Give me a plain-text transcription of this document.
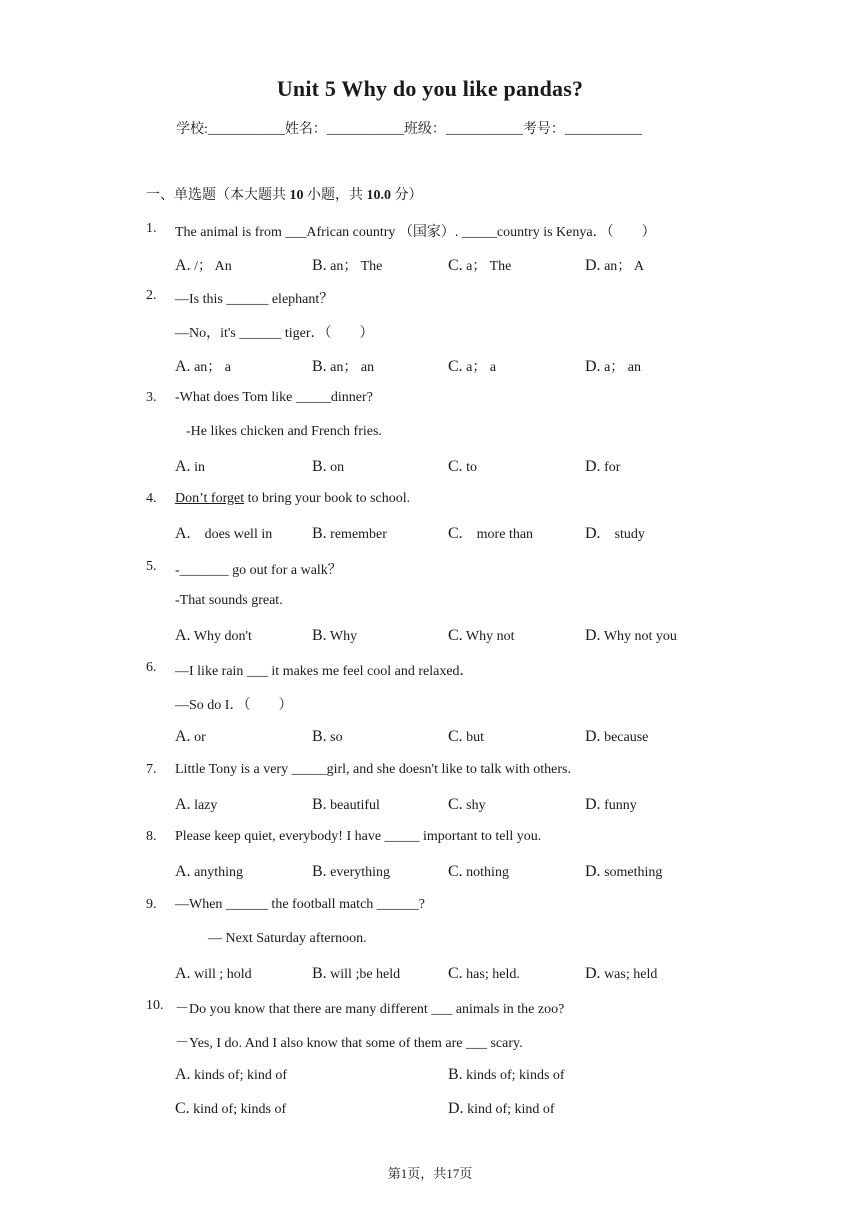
Unit 5 Why do you like pandas?
学校:___________姓名：___________班级：___________考号：___________
一、单选题（本大题共 10 小题，共 10.0 分）
1. The animal is from ___African country （国家）. _____country is Kenya．（　　）
A. /； An	B. an； The	C. a； The	D. an； A
2. —Is this ______ elephant？
—No，it's ______ tiger．（　　）
A. an； a	B. an； an	C. a； a	D. a； an
3. -What does Tom like _____dinner?
-He likes chicken and French fries.
A. in	B. on	C. to	D. for
4. Don’t forget to bring your book to school.
A. does well in B. remember	C. more than	D. study
5. -_______ go out for a walk？
-That sounds great.
A. Why don't	B. Why	C. Why not	D. Why not you
6. —I like rain ___ it makes me feel cool and relaxed．
—So do I．（　　）
A. or	B. so	C. but	D. because
7. Little Tony is a very _____girl, and she doesn't like to talk with others.
A. lazy	B. beautiful	C. shy	D. funny
8. Please keep quiet, everybody! I have _____ important to tell you.
A. anything	B. everything	C. nothing	D. something
9. —When ______ the football match ______?
— Next Saturday afternoon.
A. will ; hold	B. will ;be held	C. has; held.	D. was; held
10. －Do you know that there are many different ___ animals in the zoo?
－Yes, I do. And I also know that some of them are ___ scary.
A. kinds of; kind of	B. kinds of; kinds of
C. kind of; kinds of	D. kind of; kind of
第1页，共17页
